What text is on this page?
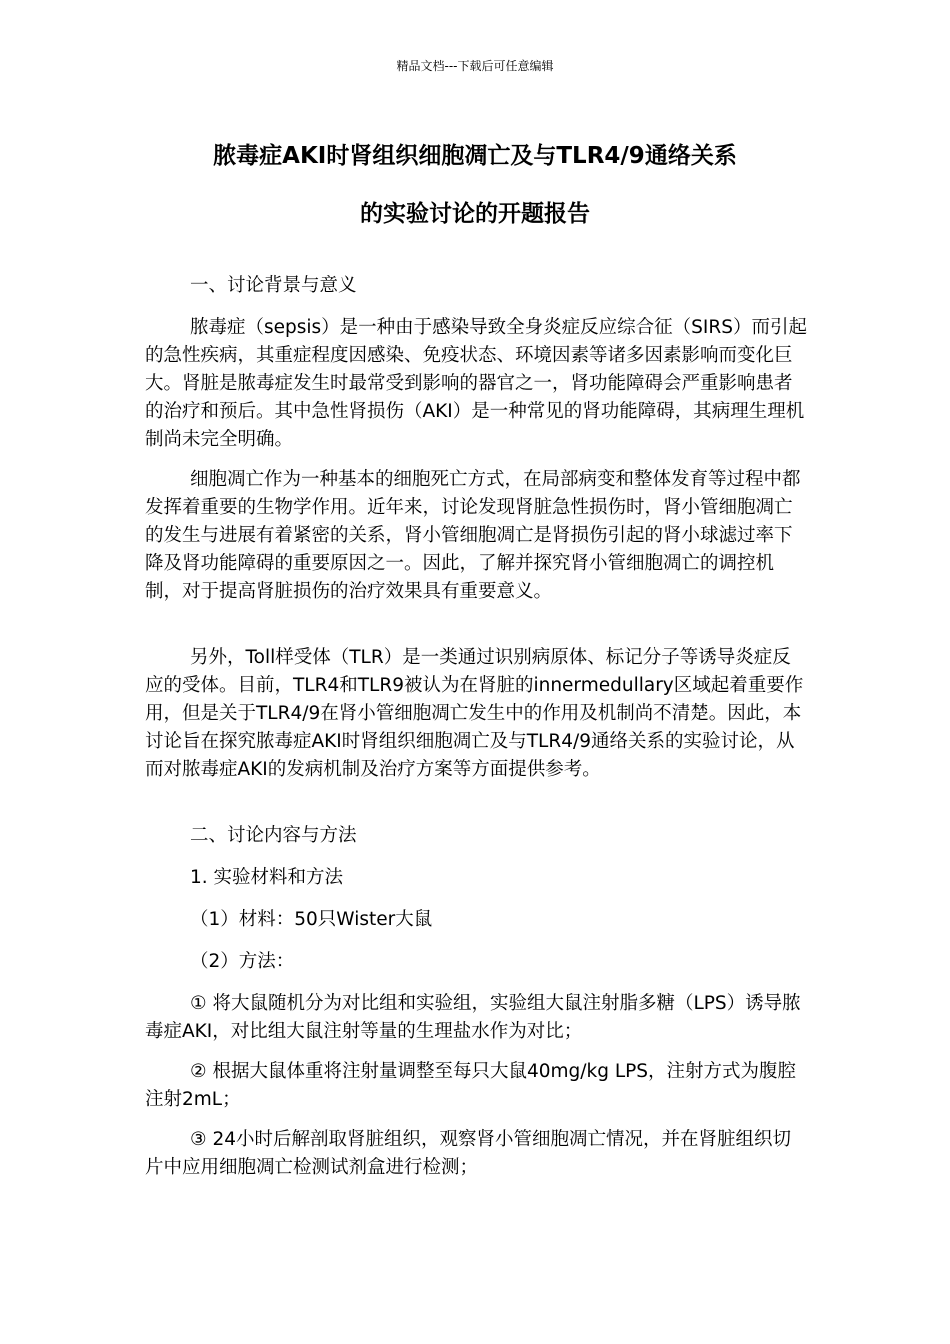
精品文档---下载后可任意编辑
脓毒症AKI时肾组织细胞凋亡及与TLR4/9通络关系
的实验讨论的开题报告

一、讨论背景与意义

脓毒症（sepsis）是一种由于感染导致全身炎症反应综合征（SIRS）而引起的急性疾病，其重症程度因感染、免疫状态、环境因素等诸多因素影响而变化巨大。肾脏是脓毒症发生时最常受到影响的器官之一，肾功能障碍会严重影响患者的治疗和预后。其中急性肾损伤（AKI）是一种常见的肾功能障碍，其病理生理机制尚未完全明确。

细胞凋亡作为一种基本的细胞死亡方式，在局部病变和整体发育等过程中都发挥着重要的生物学作用。近年来，讨论发现肾脏急性损伤时，肾小管细胞凋亡的发生与进展有着紧密的关系，肾小管细胞凋亡是肾损伤引起的肾小球滤过率下降及肾功能障碍的重要原因之一。因此，了解并探究肾小管细胞凋亡的调控机制，对于提高肾脏损伤的治疗效果具有重要意义。

另外，Toll样受体（TLR）是一类通过识别病原体、标记分子等诱导炎症反应的受体。目前，TLR4和TLR9被认为在肾脏的innermedullary区域起着重要作用，但是关于TLR4/9在肾小管细胞凋亡发生中的作用及机制尚不清楚。因此，本讨论旨在探究脓毒症AKI时肾组织细胞凋亡及与TLR4/9通络关系的实验讨论，从而对脓毒症AKI的发病机制及治疗方案等方面提供参考。

二、讨论内容与方法

1. 实验材料和方法

（1）材料：50只Wister大鼠

（2）方法：

① 将大鼠随机分为对比组和实验组，实验组大鼠注射脂多糖（LPS）诱导脓毒症AKI，对比组大鼠注射等量的生理盐水作为对比；

② 根据大鼠体重将注射量调整至每只大鼠40mg/kg LPS，注射方式为腹腔注射2mL；

③ 24小时后解剖取肾脏组织，观察肾小管细胞凋亡情况，并在肾脏组织切片中应用细胞凋亡检测试剂盒进行检测；
